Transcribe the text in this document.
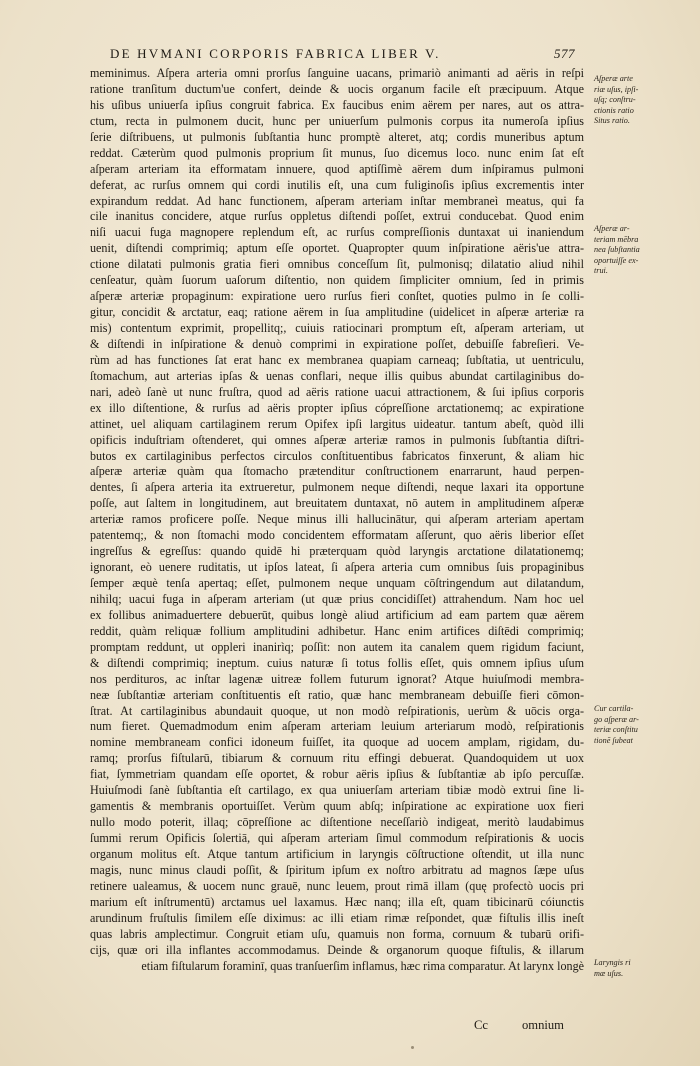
DE HVMANI CORPORIS FABRICA LIBER V.	577
meminimus. Aſpera arteria omni prorſus ſanguine uacans, primariò animanti ad aëris in reſpi
ratione tranſitum ductum'ue confert, deinde & uocis organum facile eſt præcipuum. Atque
his uſibus uniuerſa ipſius congruit fabrica. Ex faucibus enim aërem per nares, aut os attra-
ctum, recta in pulmonem ducit, hunc per uniuerſum pulmonis corpus ita numeroſa ipſius
ſerie diſtribuens, ut pulmonis ſubſtantia hunc promptè alteret, atq; cordis muneribus aptum
reddat. Cæterùm quod pulmonis proprium ſit munus, ſuo dicemus loco. nunc enim ſat eſt
aſperam arteriam ita efformatam innuere, quod aptiſſimè aërem dum inſpiramus pulmoni
deferat, ac rurſus omnem qui cordi inutilis eſt, una cum fuliginoſis ipſius excrementis inter
expirandum reddat. Ad hanc functionem, aſperam arteriam inſtar membraneì meatus, qui fa
cile inanitus concidere, atque rurſus oppletus diſtendi poſſet, extrui conducebat. Quod enim
niſi uacui fuga magnopere replendum eſt, ac rurſus compreſſionis duntaxat ui inaniendum
uenit, diſtendi comprimiq; aptum eſſe oportet. Quapropter quum inſpiratione aëris'ue attra-
ctione dilatati pulmonis gratia fieri omnibus conceſſum ſit, pulmonisq; dilatatio aliud nihil
cenſeatur, quàm ſuorum uaſorum diſtentio, non quidem ſimpliciter omnium, ſed in primis
aſperæ arteriæ propaginum: expiratione uero rurſus fieri conſtet, quoties pulmo in ſe colli-
gitur, concidit & arctatur, eaq; ratione aërem in ſua amplitudine (uidelicet in aſperæ arteriæ ra
mis) contentum exprimit, propellitq;, cuiuis ratiocinari promptum eſt, aſperam arteriam, ut
& diſtendi in inſpiratione & denuò comprimi in expiratione poſſet, debuiſſe fabreſieri. Ve-
rùm ad has functiones ſat erat hanc ex membranea quapiam carneaq; ſubſtatia, ut uentriculu,
ſtomachum, aut arterias ipſas & uenas conflari, neque illis quibus abundat cartilaginibus do-
nari, adeò ſanè ut nunc fruſtra, quod ad aëris ratione uacui attractionem, & ſui ipſius corporis
ex illo diſtentione, & rurſus ad aëris propter ipſius cópreſſione arctationemq; ac expiratione
attinet, uel aliquam cartilaginem rerum Opifex ipſi largitus uideatur. tantum abeſt, quòd illi
opificis induſtriam oſtenderet, qui omnes aſperæ arteriæ ramos in pulmonis ſubſtantia diſtri-
butos ex cartilaginibus perfectos circulos conſtituentibus fabricatos finxerunt, & aliam hic
aſperæ arteriæ quàm qua ſtomacho prætenditur conſtructionem enarrarunt, haud perpen-
dentes, ſi aſpera arteria ita extrueretur, pulmonem neque diſtendi, neque laxari ita opportune
poſſe, aut ſaltem in longitudinem, aut breuitatem duntaxat, nō autem in amplitudinem aſperæ
arteriæ ramos proficere poſſe. Neque minus illi hallucinātur, qui aſperam arteriam apertam
patentemq;, & non ſtomachi modo concidentem efformatam aſſerunt, quo aëris liberior eſſet
ingreſſus & egreſſus: quando quidē hi præterquam quòd laryngis arctatione dilatationemq;
ignorant, eò uenere ruditatis, ut ipſos lateat, ſi aſpera arteria cum omnibus ſuis propaginibus
ſemper æquè tenſa apertaq; eſſet, pulmonem neque unquam cōſtringendum aut dilatandum,
nihilq; uacui fuga in aſperam arteriam (ut quæ prius concidiſſet) attrahendum. Nam hoc uel
ex follibus animaduertere debuerūt, quibus longè aliud artificium ad eam partem quæ aërem
reddit, quàm reliquæ follium amplitudini adhibetur. Hanc enim artifices diſtēdi comprimiq;
promptam reddunt, ut oppleri inanirìq; poſſit: non autem ita canalem quem rigidum faciunt,
& diſtendi comprimiq; ineptum. cuius naturæ ſi totus follis eſſet, quis omnem ipſius uſum
nos perdituros, ac inſtar lagenæ uitreæ follem futurum ignorat? Atque huiuſmodi membra-
neæ ſubſtantiæ arteriam conſtituentis eſt ratio, quæ hanc membraneam debuiſſe fieri cōmon-
ſtrat. At cartilaginibus abundauit quoque, ut non modò reſpirationis, uerùm & uōcis orga-
num fieret. Quemadmodum enim aſperam arteriam leuium arteriarum modò, reſpirationis
nomine membraneam confici idoneum fuiſſet, ita quoque ad uocem amplam, rigidam, du-
ramq; prorſus fiſtularū, tibiarum & cornuum ritu effingi debuerat. Quandoquidem ut uox
fiat, ſymmetriam quandam eſſe oportet, & robur aëris ipſius & ſubſtantiæ ab ipſo percuſſæ.
Huiuſmodi ſanè ſubſtantia eſt cartilago, ex qua uniuerſam arteriam tibiæ modò extrui ſine li-
gamentis & membranis oportuiſſet. Verùm quum abſq; inſpiratione ac expiratione uox fieri
nullo modo poterit, illaq; cōpreſſione ac diſtentione neceſſariò indigeat, meritò laudabimus
ſummi rerum Opificis ſolertiā, qui aſperam arteriam ſimul commodum reſpirationis & uocis
organum molitus eſt. Atque tantum artificium in laryngis cōſtructione oſtendit, ut illa nunc
magis, nunc minus claudi poſſit, & ſpiritum ipſum ex noſtro arbitratu ad magnos ſæpe uſus
retinere ualeamus, & uocem nunc grauē, nunc leuem, prout rimā illam (quę profectò uocis pri
marium eſt inſtrumentū) arctamus uel laxamus. Hæc nanq; illa eſt, quam tibicinarū cóiunctis
arundinum fruſtulis ſimilem eſſe diximus: ac illi etiam rimæ reſpondet, quæ fiſtulis illis ineſt
quas labris amplectimur. Congruit etiam uſu, quamuis non forma, cornuum & tubarū orifi-
cijs, quæ ori illa inflantes accommodamus. Deinde & organorum quoque fiſtulis, & illarum
etiam fiſtularum foraminī, quas tranſuerſim inflamus, hæc rima comparatur. At larynx longè
Aſperæ arte
riæ uſus, ipſi-
uſq; conſtru-
ctionis ratio
Situs ratio.
Aſperæ ar-
teriam mēbra
nea ſubſtantia
oportuiſſe ex-
trui.
Cur cartila-
go aſperæ ar-
teriæ conſtitu
tionē ſubeat
Laryngis ri
mæ uſus.
Cc	omnium
